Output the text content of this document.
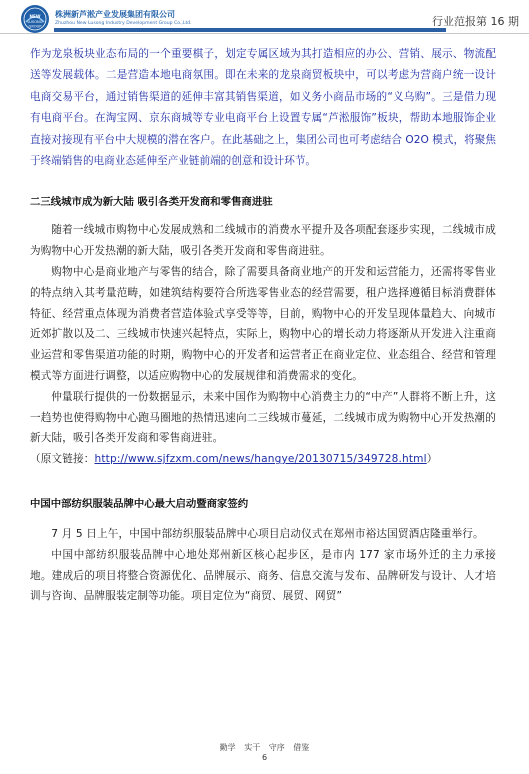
NEW
LUSONG
GROUP
株洲新芦淞产业发展集团有限公司
Zhuzhou New Lusong Industry Development Group Co.,Ltd.	行业范报第 16 期

作为龙泉板块业态布局的一个重要棋子，划定专属区域为其打造相应的办公、营销、展示、物流配送等发展载体。二是营造本地电商氛围。即在未来的龙泉商贸板块中，可以考虑为营商户统一设计电商交易平台，通过销售渠道的延伸丰富其销售渠道，如义务小商品市场的“义乌购”。三是借力现有电商平台。在淘宝网、京东商城等专业电商平台上设置专属“芦淞服饰”板块，帮助本地服饰企业直接对接现有平台中大规模的潜在客户。在此基础之上，集团公司也可考虑结合 O2O 模式，将聚焦于终端销售的电商业态延伸至产业链前端的创意和设计环节。

二三线城市成为新大陆 吸引各类开发商和零售商进驻

随着一线城市购物中心发展成熟和二线城市的消费水平提升及各项配套逐步实现，二线城市成为购物中心开发热潮的新大陆，吸引各类开发商和零售商进驻。

购物中心是商业地产与零售的结合，除了需要具备商业地产的开发和运营能力，还需将零售业的特点纳入其考量范畴，如建筑结构要符合所选零售业态的经营需要，租户选择遵循目标消费群体特征、经营重点体现为消费者营造体验式享受等等，目前，购物中心的开发呈现体量趋大、向城市近郊扩散以及二、三线城市快速兴起特点，实际上，购物中心的增长动力将逐渐从开发进入注重商业运营和零售渠道功能的时期，购物中心的开发者和运营者正在商业定位、业态组合、经营和管理模式等方面进行调整，以适应购物中心的发展规律和消费需求的变化。

仲量联行提供的一份数据显示，未来中国作为购物中心消费主力的“中产”人群将不断上升，这一趋势也使得购物中心跑马圈地的热情迅速向二三线城市蔓延，二线城市成为购物中心开发热潮的新大陆，吸引各类开发商和零售商进驻。

（原文链接：http://www.sjfzxm.com/news/hangye/20130715/349728.html）

中国中部纺织服装品牌中心最大启动暨商家签约

7 月 5 日上午，中国中部纺织服装品牌中心项目启动仪式在郑州市裕达国贸酒店隆重举行。

中国中部纺织服装品牌中心地处郑州新区核心起步区，是市内 177 家市场外迁的主力承接地。建成后的项目将整合资源优化、品牌展示、商务、信息交流与发布、品牌研发与设计、人才培训与咨询、品牌服装定制等功能。项目定位为“商贸、展贸、网贸”

勤学 实干 守序 借鉴
6
